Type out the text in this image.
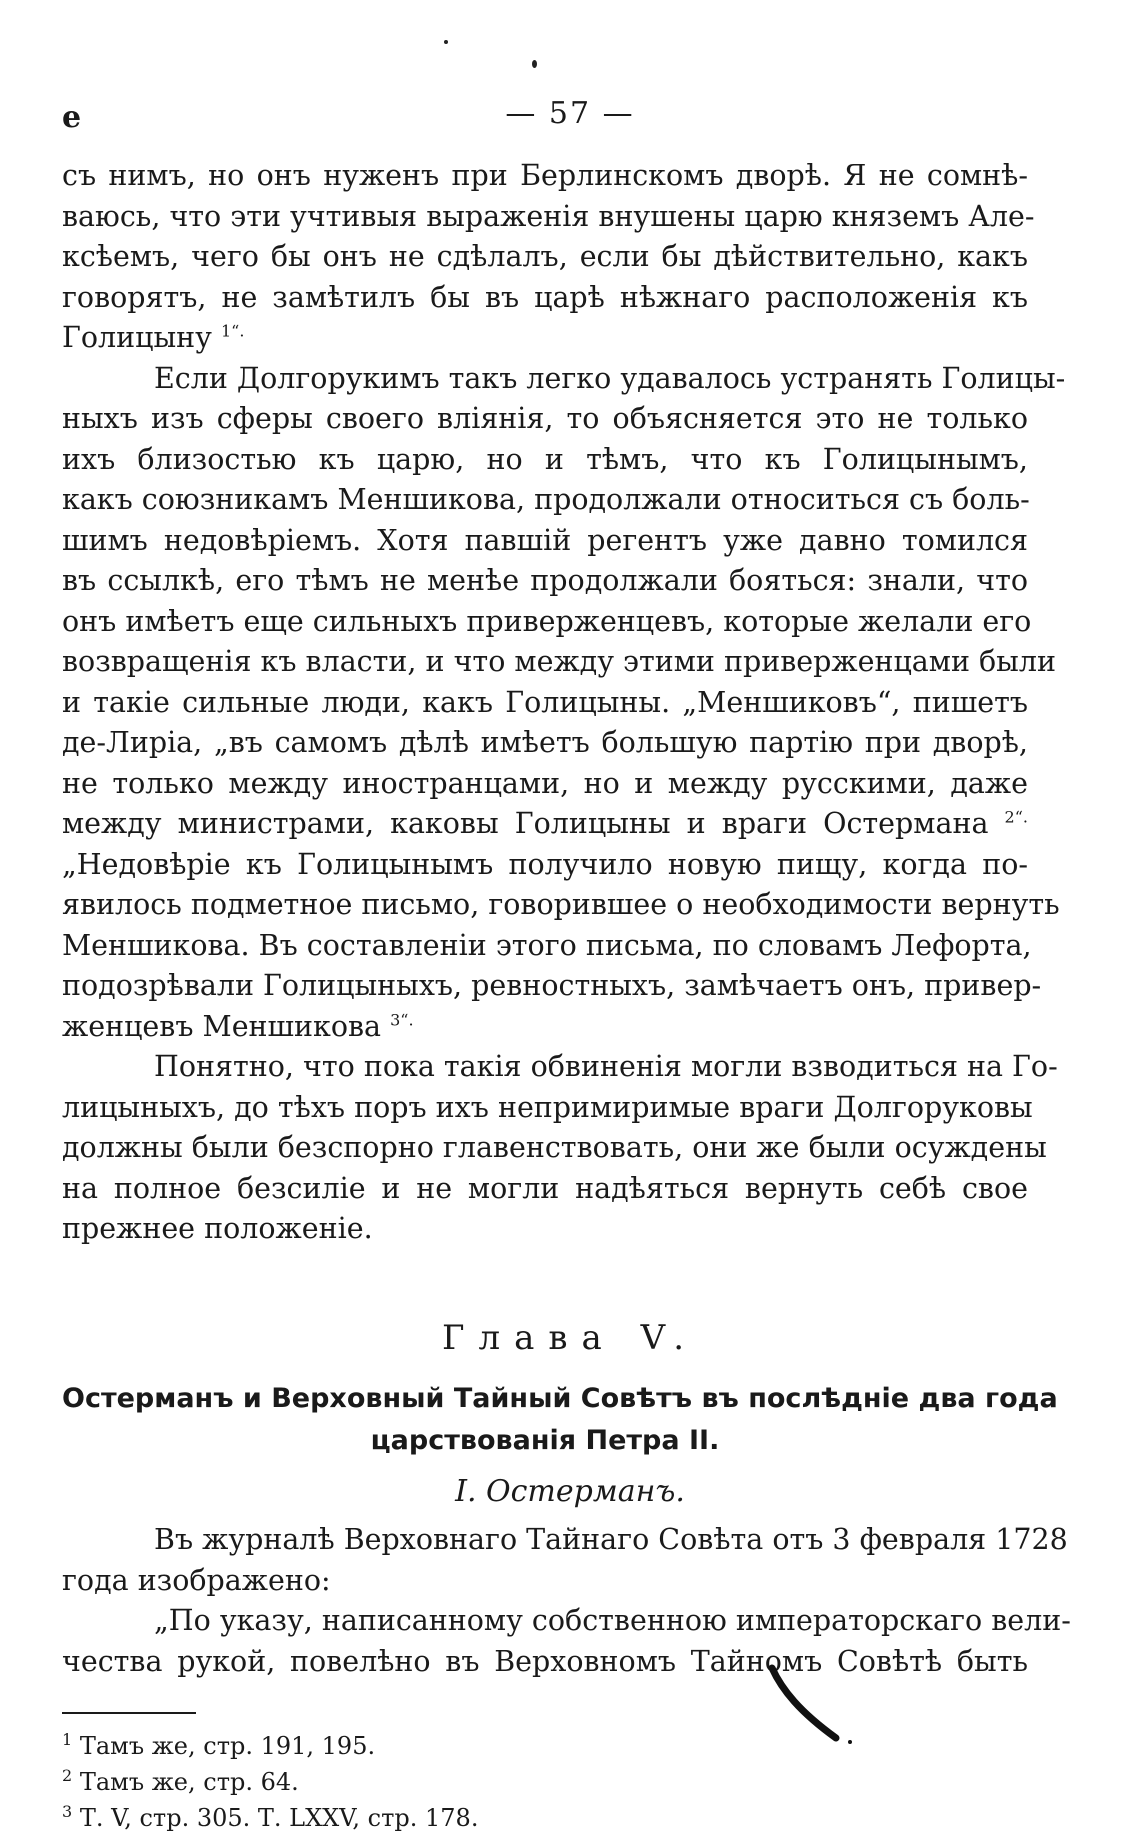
е	— 57 —
съ нимъ, но онъ нуженъ при Берлинскомъ дворѣ. Я не сомнѣ-
ваюсь, что эти учтивыя выраженія внушены царю княземъ Але-
ксѣемъ, чего бы онъ не сдѣлалъ, если бы дѣйствительно, какъ
говорятъ, не замѣтилъ бы въ царѣ нѣжнаго расположенія къ
Голицыну $^{1“.}$
Если Долгорукимъ такъ легко удавалось устранять Голицы-
ныхъ изъ сферы своего вліянія, то объясняется это не только
ихъ близостью къ царю, но и тѣмъ, что къ Голицынымъ,
какъ союзникамъ Меншикова, продолжали относиться съ боль-
шимъ недовѣріемъ. Хотя павшій регентъ уже давно томился
въ ссылкѣ, его тѣмъ не менѣе продолжали бояться: знали, что
онъ имѣетъ еще сильныхъ приверженцевъ, которые желали его
возвращенія къ власти, и что между этими приверженцами были
и такіе сильные люди, какъ Голицыны. „Меншиковъ“, пишетъ
де-Лиріа, „въ самомъ дѣлѣ имѣетъ большую партію при дворѣ,
не только между иностранцами, но и между русскими, даже
между министрами, каковы Голицыны и враги Остермана $^{2“.}$
„Недовѣріе къ Голицынымъ получило новую пищу, когда по-
явилось подметное письмо, говорившее о необходимости вернуть
Меншикова. Въ составленіи этого письма, по словамъ Лефорта,
подозрѣвали Голицыныхъ, ревностныхъ, замѣчаетъ онъ, привер-
женцевъ Меншикова $^{3“.}$
Понятно, что пока такія обвиненія могли взводиться на Го-
лицыныхъ, до тѣхъ поръ ихъ непримиримые враги Долгоруковы
должны были безспорно главенствовать, они же были осуждены
на полное безсиліе и не могли надѣяться вернуть себѣ свое
прежнее положеніе.
Глава V.
Остерманъ и Верховный Тайный Совѣтъ въ послѣдніе два года
царствованія Петра II.
I. Остерманъ.
Въ журналѣ Верховнаго Тайнаго Совѣта отъ 3 февраля 1728
года изображено:
„По указу, написанному собственною императорскаго вели-
чества рукой, повелѣно въ Верховномъ Тайномъ Совѣтѣ быть
$^1$ Тамъ же, стр. 191, 195.
$^2$ Тамъ же, стр. 64.
$^3$ Т. V, стр. 305. Т. LXXV, стр. 178.
